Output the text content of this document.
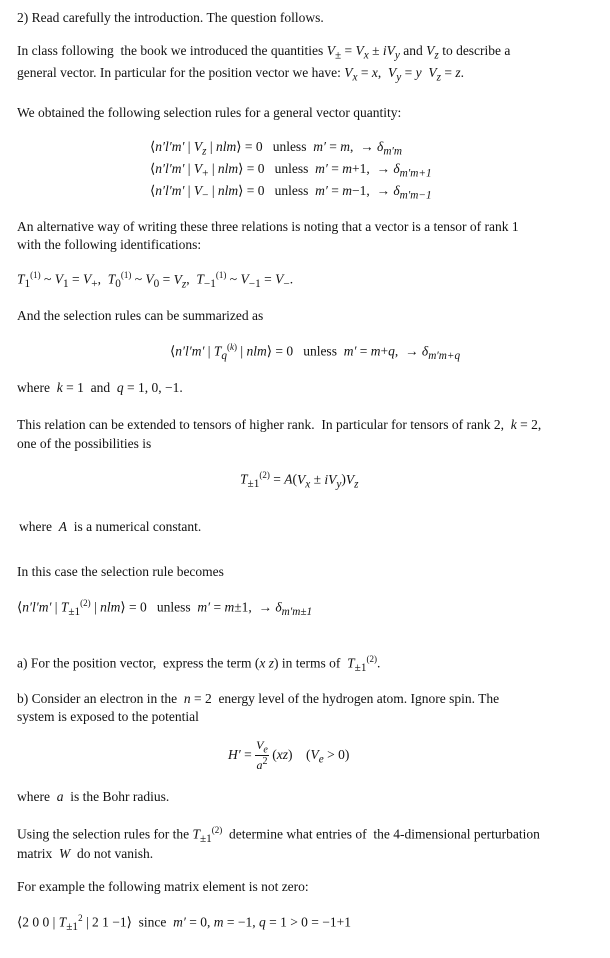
2) Read carefully the introduction. The question follows.
In class following  the book we introduced the quantities $V_\pm = V_x \pm iV_y$ and $V_z$ to describe a
general vector. In particular for the position vector we have: $V_x = x$,  $V_y = y$ $V_z = z$.
We obtained the following selection rules for a general vector quantity:
⟨n′l′m′ | $V_z$ | nlm⟩ = 0   unless  m′ = m,  → $\delta_{m'm}$
⟨n′l′m′ | $V_+$ | nlm⟩ = 0   unless  m′ = m+1,  → $\delta_{m'm+1}$
⟨n′l′m′ | $V_-$ | nlm⟩ = 0   unless  m′ = m−1,  → $\delta_{m'm-1}$
An alternative way of writing these three relations is noting that a vector is a tensor of rank 1
with the following identifications:
$T_1^{(1)}$ ~ $V_1 = V_+$,  $T_0^{(1)}$ ~ $V_0 = V_z$,  $T_{-1}^{(1)}$ ~ $V_{-1} = V_-$.
And the selection rules can be summarized as
⟨n′l′m′ | $T_q^{(k)}$ | nlm⟩ = 0   unless  m′ = m+q,  → $\delta_{m'm+q}$
where  k = 1  and  q = 1, 0, −1.
This relation can be extended to tensors of higher rank.  In particular for tensors of rank 2,  k = 2,
one of the possibilities is
$T_{\pm 1}^{(2)} = A(V_x \pm iV_y)V_z$
where  A  is a numerical constant.
In this case the selection rule becomes
⟨n′l′m′ | $T_{\pm 1}^{(2)}$ | nlm⟩ = 0   unless  m′ = m±1,  → $\delta_{m'm\pm 1}$
a) For the position vector,  express the term (x z) in terms of  $T_{\pm 1}^{(2)}$.
b) Consider an electron in the  n = 2  energy level of the hydrogen atom. Ignore spin. The
system is exposed to the potential
$H' = \frac{V_e}{a^2} (xz)$    $(V_e > 0)$
where  a  is the Bohr radius.
Using the selection rules for the $T_{\pm 1}^{(2)}$  determine what entries of  the 4-dimensional perturbation
matrix  W  do not vanish.
For example the following matrix element is not zero:
⟨2 0 0 | $T_{\pm 1}^2$ | 2 1 −1⟩  since  m′ = 0, m = −1, q = 1 > 0 = −1+1
